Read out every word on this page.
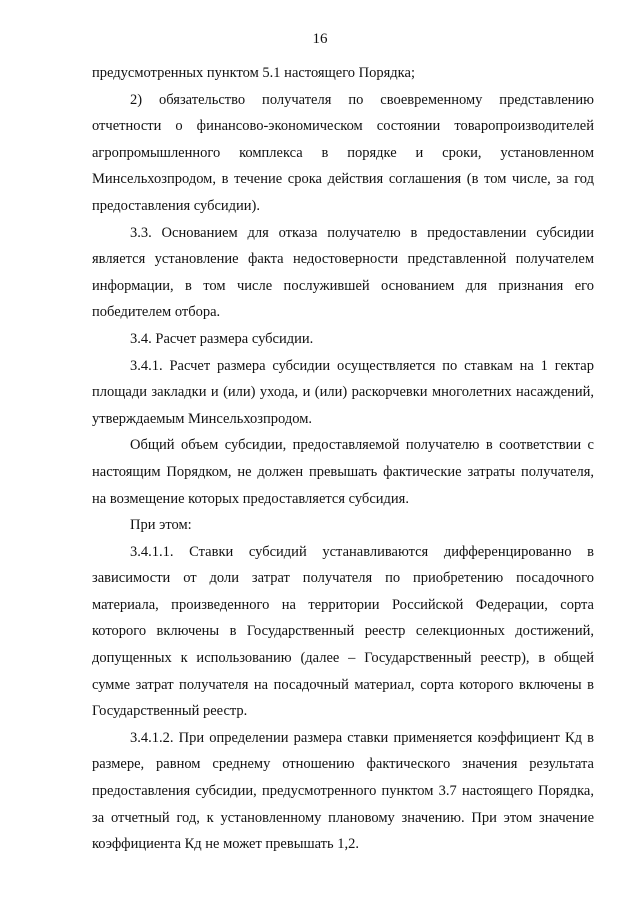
16

предусмотренных пунктом 5.1 настоящего Порядка;

2) обязательство получателя по своевременному представлению отчетности о финансово-экономическом состоянии товаропроизводителей агропромышленного комплекса в порядке и сроки, установленном Минсельхозпродом, в течение срока действия соглашения (в том числе, за год предоставления субсидии).

3.3. Основанием для отказа получателю в предоставлении субсидии является установление факта недостоверности представленной получателем информации, в том числе послужившей основанием для признания его победителем отбора.

3.4. Расчет размера субсидии.

3.4.1. Расчет размера субсидии осуществляется по ставкам на 1 гектар площади закладки и (или) ухода, и (или) раскорчевки многолетних насаждений, утверждаемым Минсельхозпродом.

Общий объем субсидии, предоставляемой получателю в соответствии с настоящим Порядком, не должен превышать фактические затраты получателя, на возмещение которых предоставляется субсидия.

При этом:

3.4.1.1. Ставки субсидий устанавливаются дифференцированно в зависимости от доли затрат получателя по приобретению посадочного материала, произведенного на территории Российской Федерации, сорта которого включены в Государственный реестр селекционных достижений, допущенных к использованию (далее – Государственный реестр), в общей сумме затрат получателя на посадочный материал, сорта которого включены в Государственный реестр.

3.4.1.2. При определении размера ставки применяется коэффициент Кд в размере, равном среднему отношению фактического значения результата предоставления субсидии, предусмотренного пунктом 3.7 настоящего Порядка, за отчетный год, к установленному плановому значению. При этом значение коэффициента Кд не может превышать 1,2.
